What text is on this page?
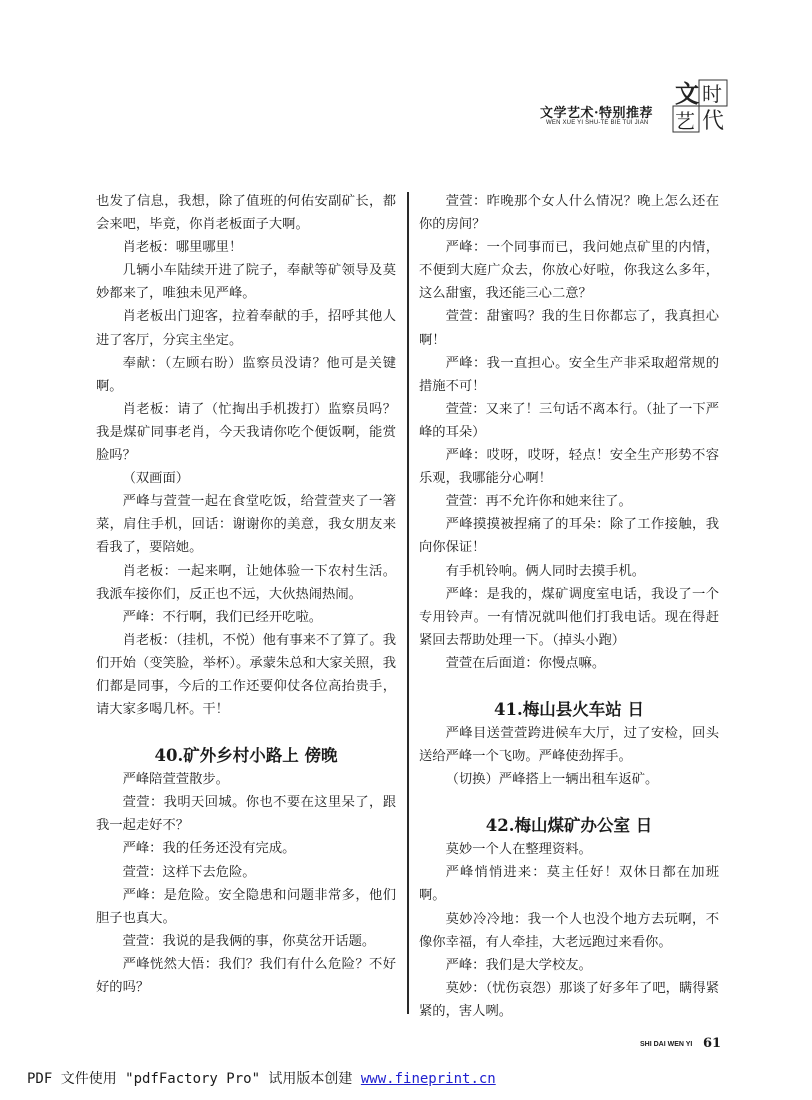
文学艺术·特别推荐
WEN XUE YI SHU-TE BIE TUI JIAN
文 时
艺 代

也发了信息，我想，除了值班的何佑安副矿长，都会来吧，毕竟，你肖老板面子大啊。

肖老板：哪里哪里！

几辆小车陆续开进了院子，奉献等矿领导及莫妙都来了，唯独未见严峰。

肖老板出门迎客，拉着奉献的手，招呼其他人进了客厅，分宾主坐定。

奉献：（左顾右盼）监察员没请？他可是关键啊。

肖老板：请了（忙掏出手机拨打）监察员吗？我是煤矿同事老肖，今天我请你吃个便饭啊，能赏脸吗？

（双画面）

严峰与萱萱一起在食堂吃饭，给萱萱夹了一箸菜，肩住手机，回话：谢谢你的美意，我女朋友来看我了，要陪她。

肖老板：一起来啊，让她体验一下农村生活。我派车接你们，反正也不远，大伙热闹热闹。

严峰：不行啊，我们已经开吃啦。

肖老板：（挂机，不悦）他有事来不了算了。我们开始（变笑脸，举杯）。承蒙朱总和大家关照，我们都是同事，今后的工作还要仰仗各位高抬贵手，请大家多喝几杯。干！

40.矿外乡村小路上 傍晚

严峰陪萱萱散步。

萱萱：我明天回城。你也不要在这里呆了，跟我一起走好不？

严峰：我的任务还没有完成。

萱萱：这样下去危险。

严峰：是危险。安全隐患和问题非常多，他们胆子也真大。

萱萱：我说的是我俩的事，你莫岔开话题。

严峰恍然大悟：我们？我们有什么危险？不好好的吗？

萱萱：昨晚那个女人什么情况？晚上怎么还在你的房间？

严峰：一个同事而已，我问她点矿里的内情，不便到大庭广众去，你放心好啦，你我这么多年，这么甜蜜，我还能三心二意？

萱萱：甜蜜吗？我的生日你都忘了，我真担心啊！

严峰：我一直担心。安全生产非采取超常规的措施不可！

萱萱：又来了！三句话不离本行。（扯了一下严峰的耳朵）

严峰：哎呀，哎呀，轻点！安全生产形势不容乐观，我哪能分心啊！

萱萱：再不允许你和她来往了。

严峰摸摸被捏痛了的耳朵：除了工作接触，我向你保证！

有手机铃响。俩人同时去摸手机。

严峰：是我的，煤矿调度室电话，我设了一个专用铃声。一有情况就叫他们打我电话。现在得赶紧回去帮助处理一下。（掉头小跑）

萱萱在后面道：你慢点嘛。

41.梅山县火车站 日

严峰目送萱萱跨进候车大厅，过了安检，回头送给严峰一个飞吻。严峰使劲挥手。

（切换）严峰搭上一辆出租车返矿。

42.梅山煤矿办公室 日

莫妙一个人在整理资料。

严峰悄悄进来：莫主任好！双休日都在加班啊。

莫妙冷冷地：我一个人也没个地方去玩啊，不像你幸福，有人牵挂，大老远跑过来看你。

严峰：我们是大学校友。

莫妙：（忧伤哀怨）那谈了好多年了吧，瞒得紧紧的，害人咧。

SHI DAI WEN YI 61
PDF 文件使用 "pdfFactory Pro" 试用版本创建 www.fineprint.cn
